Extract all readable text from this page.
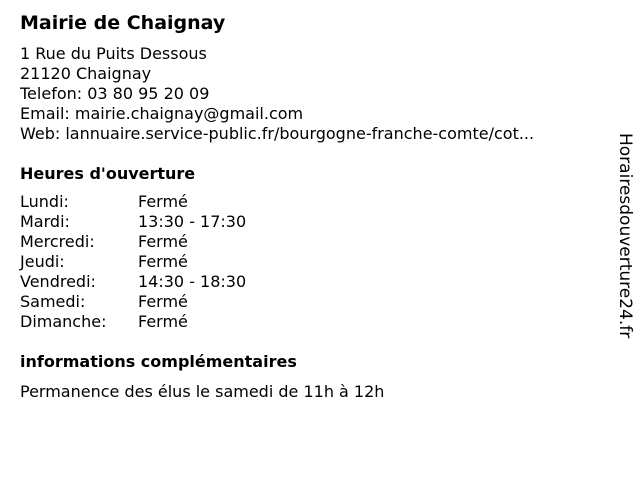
Mairie de Chaignay
1 Rue du Puits Dessous
21120 Chaignay
Telefon: 03 80 95 20 09
Email: mairie.chaignay@gmail.com
Web: lannuaire.service-public.fr/bourgogne-franche-comte/cot...
Heures d'ouverture
Lundi:	Fermé
Mardi:	13:30 - 17:30
Mercredi:	Fermé
Jeudi:	Fermé
Vendredi:	14:30 - 18:30
Samedi:	Fermé
Dimanche:	Fermé
informations complémentaires
Permanence des élus le samedi de 11h à 12h
Horairesdouverture24.fr
